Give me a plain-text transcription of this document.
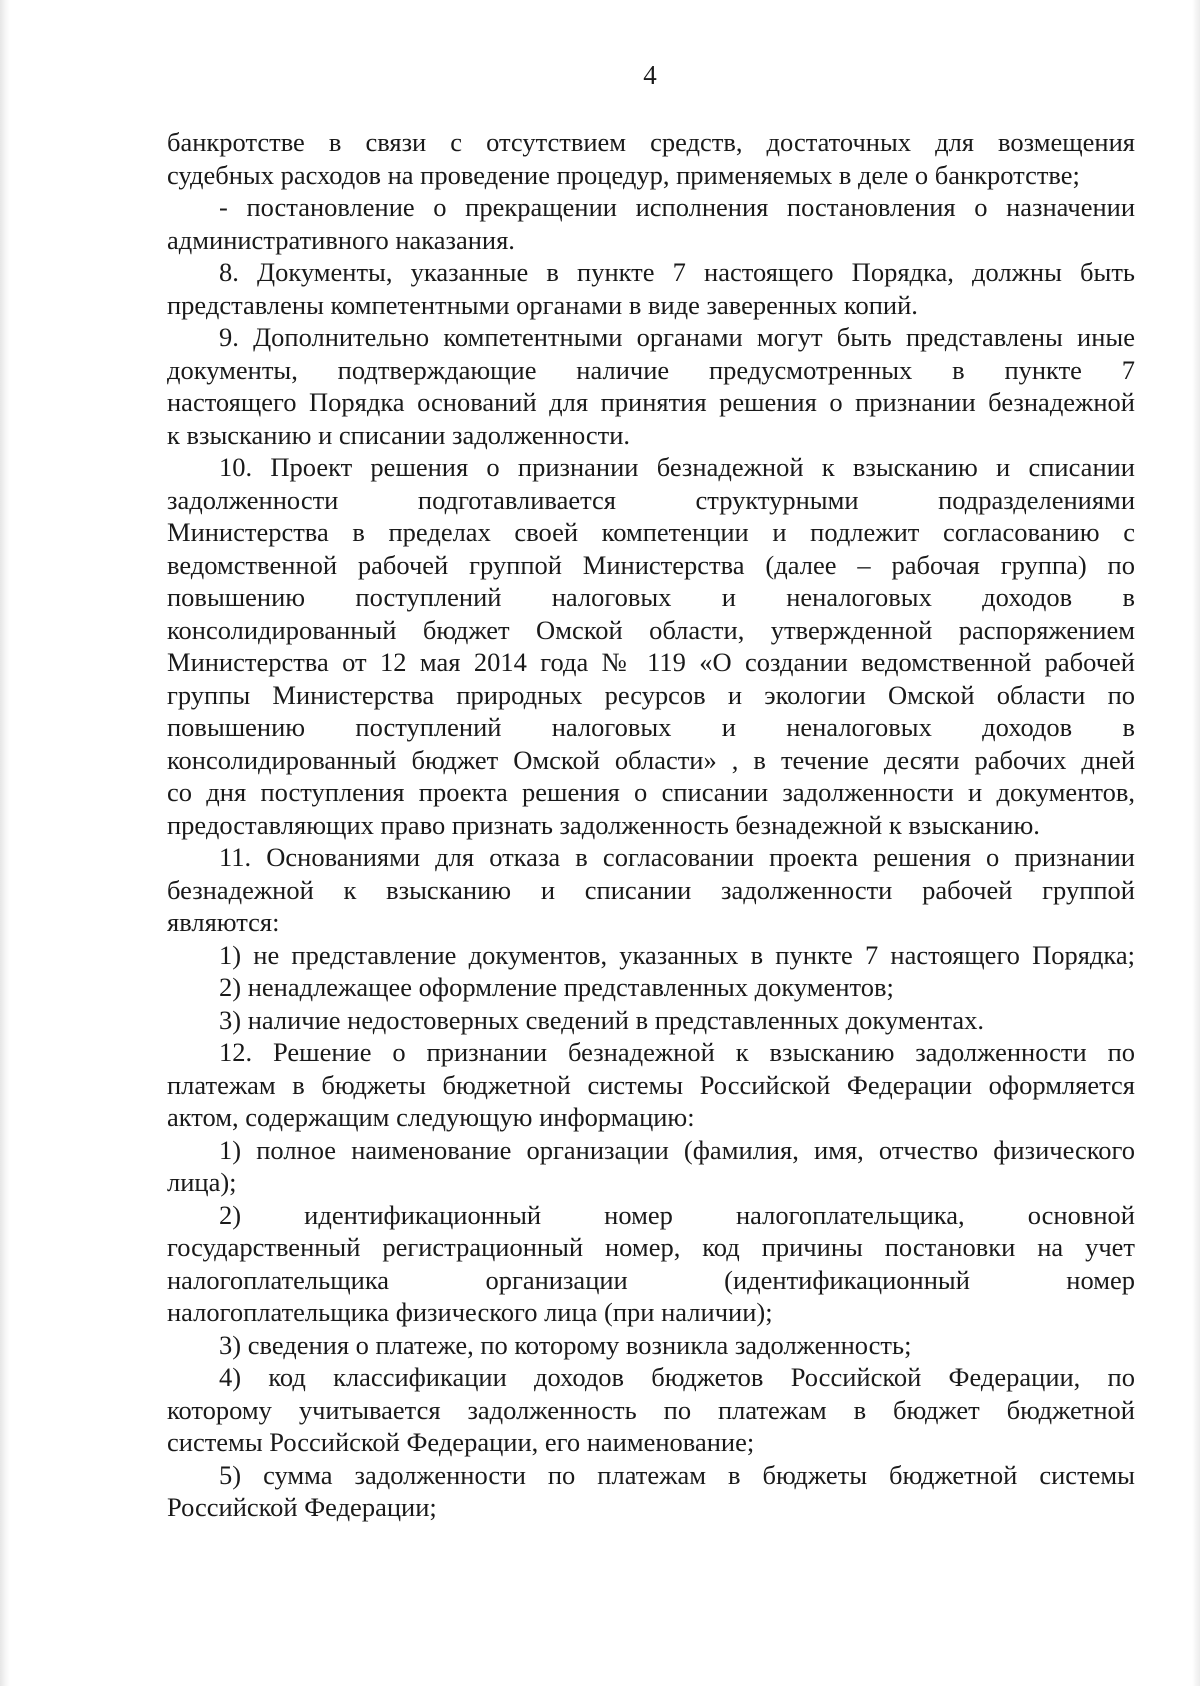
4
банкротстве в связи с отсутствием средств, достаточных для возмещения
судебных расходов на проведение процедур, применяемых в деле о банкротстве;
- постановление о прекращении исполнения постановления о назначении
административного наказания.
8. Документы, указанные в пункте 7 настоящего Порядка, должны быть
представлены компетентными органами в виде заверенных копий.
9. Дополнительно компетентными органами могут быть представлены иные
документы, подтверждающие наличие предусмотренных в пункте 7
настоящего Порядка оснований для принятия решения о признании безнадежной
к взысканию и списании задолженности.
10. Проект решения о признании безнадежной к взысканию и списании
задолженности подготавливается структурными подразделениями
Министерства в пределах своей компетенции и подлежит согласованию с
ведомственной рабочей группой Министерства (далее – рабочая группа) по
повышению поступлений налоговых и неналоговых доходов в
консолидированный бюджет Омской области, утвержденной распоряжением
Министерства от 12 мая 2014 года № 119 «О создании ведомственной рабочей
группы Министерства природных ресурсов и экологии Омской области по
повышению поступлений налоговых и неналоговых доходов в
консолидированный бюджет Омской области» , в течение десяти рабочих дней
со дня поступления проекта решения о списании задолженности и документов,
предоставляющих право признать задолженность безнадежной к взысканию.
11. Основаниями для отказа в согласовании проекта решения о признании
безнадежной к взысканию и списании задолженности рабочей группой
являются:
1) не представление документов, указанных в пункте 7 настоящего Порядка;
2) ненадлежащее оформление представленных документов;
3) наличие недостоверных сведений в представленных документах.
12. Решение о признании безнадежной к взысканию задолженности по
платежам в бюджеты бюджетной системы Российской Федерации оформляется
актом, содержащим следующую информацию:
1) полное наименование организации (фамилия, имя, отчество физического
лица);
2) идентификационный номер налогоплательщика, основной
государственный регистрационный номер, код причины постановки на учет
налогоплательщика организации (идентификационный номер
налогоплательщика физического лица (при наличии);
3) сведения о платеже, по которому возникла задолженность;
4) код классификации доходов бюджетов Российской Федерации, по
которому учитывается задолженность по платежам в бюджет бюджетной
системы Российской Федерации, его наименование;
5) сумма задолженности по платежам в бюджеты бюджетной системы
Российской Федерации;
